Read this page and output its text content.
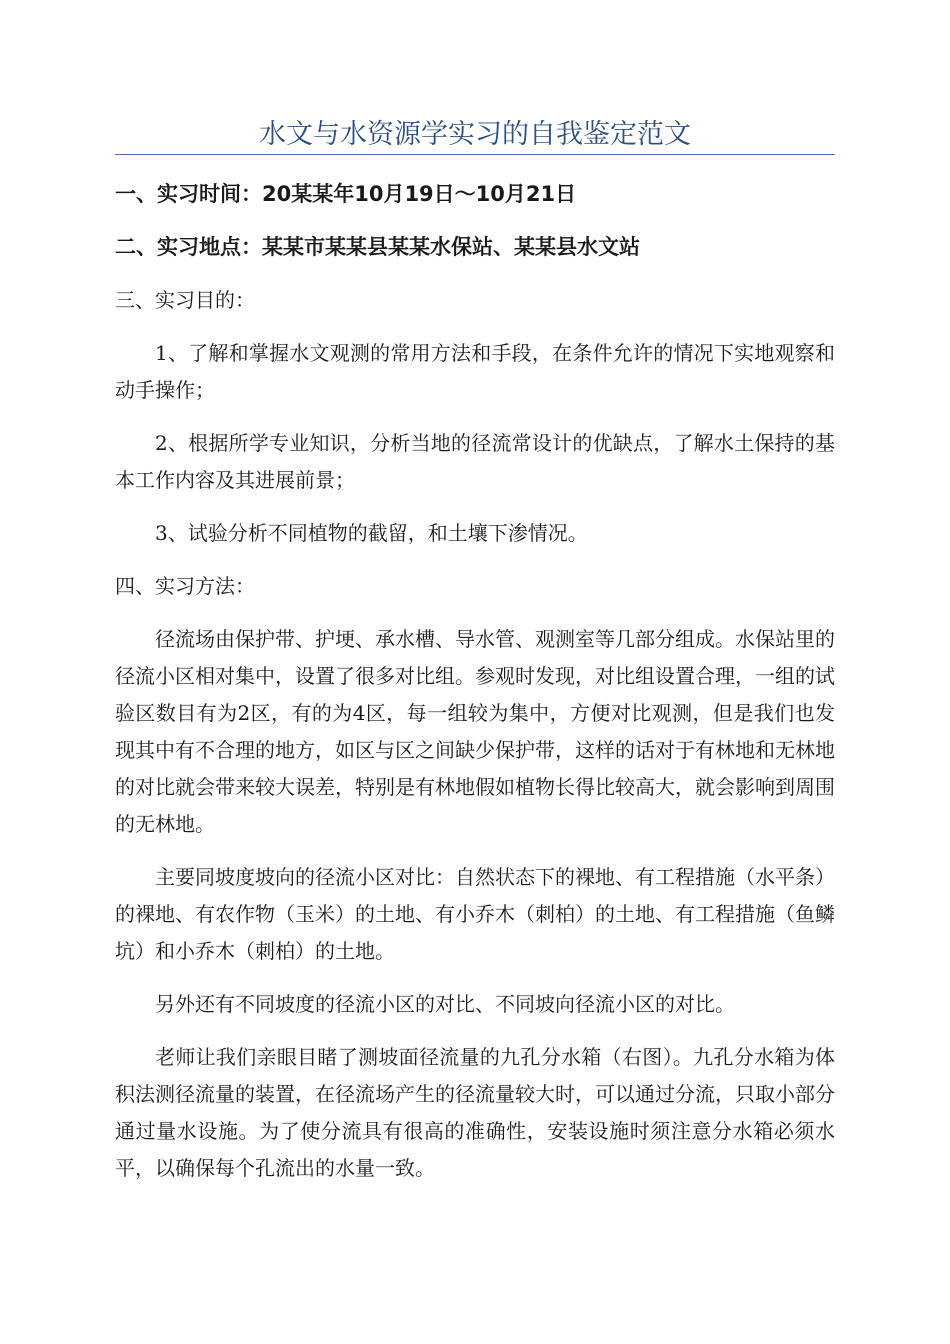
水文与水资源学实习的自我鉴定范文
一、实习时间：20某某年10月19日～10月21日
二、实习地点：某某市某某县某某水保站、某某县水文站
三、实习目的：

1、了解和掌握水文观测的常用方法和手段，在条件允许的情况下实地观察和动手操作；

2、根据所学专业知识，分析当地的径流常设计的优缺点，了解水土保持的基本工作内容及其进展前景；

3、试验分析不同植物的截留，和土壤下渗情况。

四、实习方法：

径流场由保护带、护埂、承水槽、导水管、观测室等几部分组成。水保站里的径流小区相对集中，设置了很多对比组。参观时发现，对比组设置合理，一组的试验区数目有为2区，有的为4区，每一组较为集中，方便对比观测，但是我们也发现其中有不合理的地方，如区与区之间缺少保护带，这样的话对于有林地和无林地的对比就会带来较大误差，特别是有林地假如植物长得比较高大，就会影响到周围的无林地。

主要同坡度坡向的径流小区对比：自然状态下的裸地、有工程措施（水平条）的裸地、有农作物（玉米）的土地、有小乔木（刺柏）的土地、有工程措施（鱼鳞坑）和小乔木（刺柏）的土地。

另外还有不同坡度的径流小区的对比、不同坡向径流小区的对比。

老师让我们亲眼目睹了测坡面径流量的九孔分水箱（右图）。九孔分水箱为体积法测径流量的装置，在径流场产生的径流量较大时，可以通过分流，只取小部分通过量水设施。为了使分流具有很高的准确性，安装设施时须注意分水箱必须水平，以确保每个孔流出的水量一致。
